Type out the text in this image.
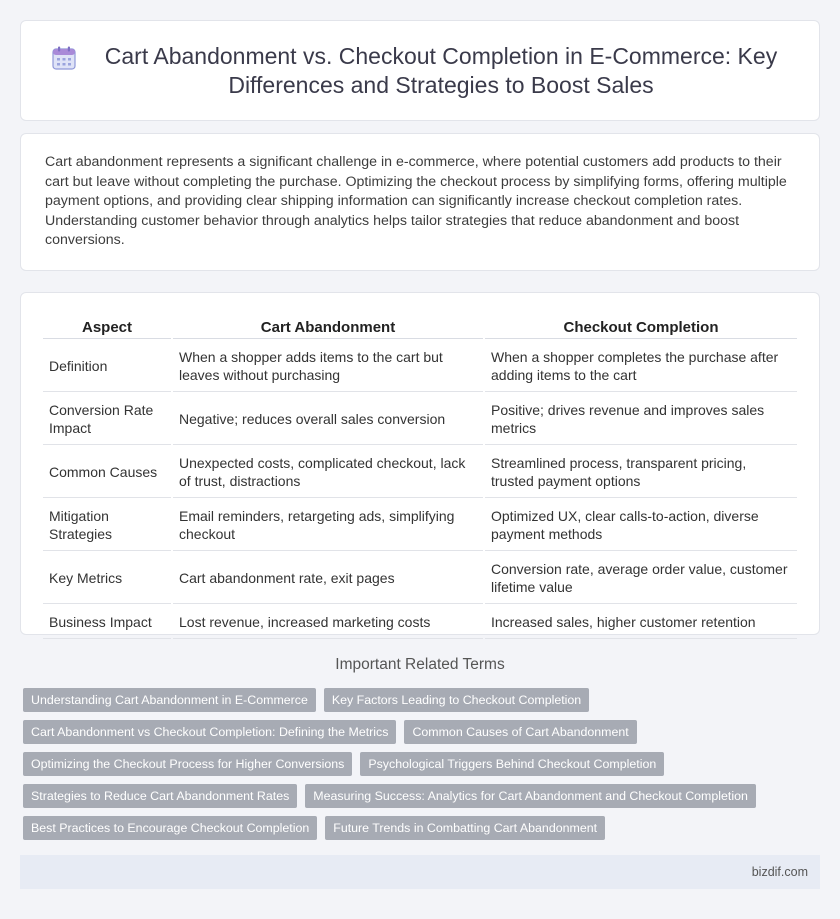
Cart Abandonment vs. Checkout Completion in E-Commerce: Key Differences and Strategies to Boost Sales

Cart abandonment represents a significant challenge in e-commerce, where potential customers add products to their cart but leave without completing the purchase. Optimizing the checkout process by simplifying forms, offering multiple payment options, and providing clear shipping information can significantly increase checkout completion rates. Understanding customer behavior through analytics helps tailor strategies that reduce abandonment and boost conversions.

Aspect	Cart Abandonment	Checkout Completion
Definition	When a shopper adds items to the cart but leaves without purchasing	When a shopper completes the purchase after adding items to the cart
Conversion Rate Impact	Negative; reduces overall sales conversion	Positive; drives revenue and improves sales metrics
Common Causes	Unexpected costs, complicated checkout, lack of trust, distractions	Streamlined process, transparent pricing, trusted payment options
Mitigation Strategies	Email reminders, retargeting ads, simplifying checkout	Optimized UX, clear calls-to-action, diverse payment methods
Key Metrics	Cart abandonment rate, exit pages	Conversion rate, average order value, customer lifetime value
Business Impact	Lost revenue, increased marketing costs	Increased sales, higher customer retention
Important Related Terms
Understanding Cart Abandonment in E-Commerce	Key Factors Leading to Checkout Completion
Cart Abandonment vs Checkout Completion: Defining the Metrics	Common Causes of Cart Abandonment
Optimizing the Checkout Process for Higher Conversions	Psychological Triggers Behind Checkout Completion
Strategies to Reduce Cart Abandonment Rates	Measuring Success: Analytics for Cart Abandonment and Checkout Completion
Best Practices to Encourage Checkout Completion	Future Trends in Combatting Cart Abandonment
bizdif.com
